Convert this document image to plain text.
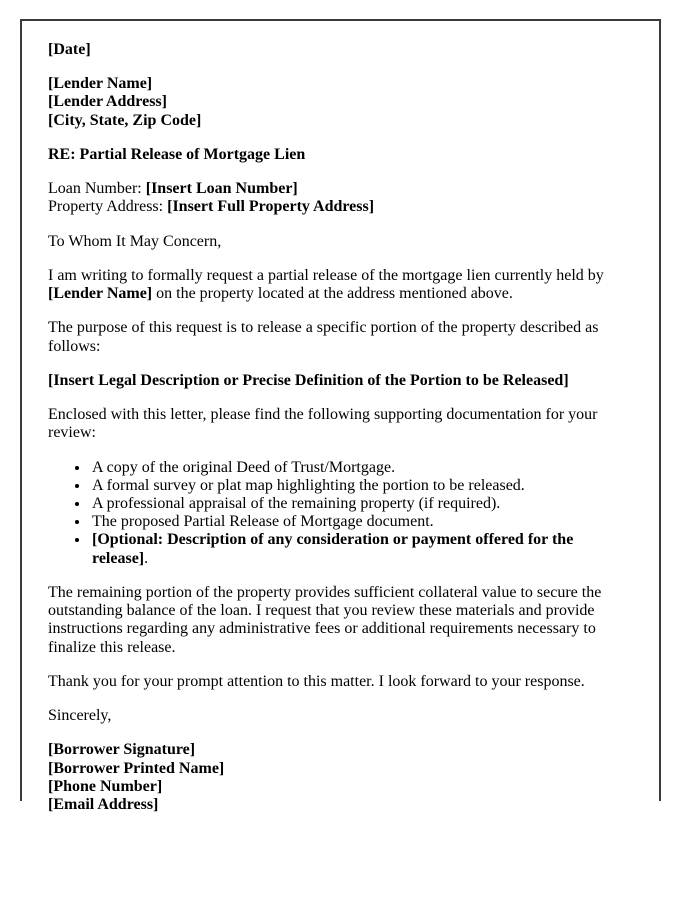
[Date]

[Lender Name]
[Lender Address]
[City, State, Zip Code]

RE: Partial Release of Mortgage Lien

Loan Number: [Insert Loan Number]
Property Address: [Insert Full Property Address]

To Whom It May Concern,

I am writing to formally request a partial release of the mortgage lien currently held by [Lender Name] on the property located at the address mentioned above.

The purpose of this request is to release a specific portion of the property described as follows:

[Insert Legal Description or Precise Definition of the Portion to be Released]

Enclosed with this letter, please find the following supporting documentation for your review:

• A copy of the original Deed of Trust/Mortgage.
• A formal survey or plat map highlighting the portion to be released.
• A professional appraisal of the remaining property (if required).
• The proposed Partial Release of Mortgage document.
• [Optional: Description of any consideration or payment offered for the release].

The remaining portion of the property provides sufficient collateral value to secure the outstanding balance of the loan. I request that you review these materials and provide instructions regarding any administrative fees or additional requirements necessary to finalize this release.

Thank you for your prompt attention to this matter. I look forward to your response.

Sincerely,

[Borrower Signature]
[Borrower Printed Name]
[Phone Number]
[Email Address]
